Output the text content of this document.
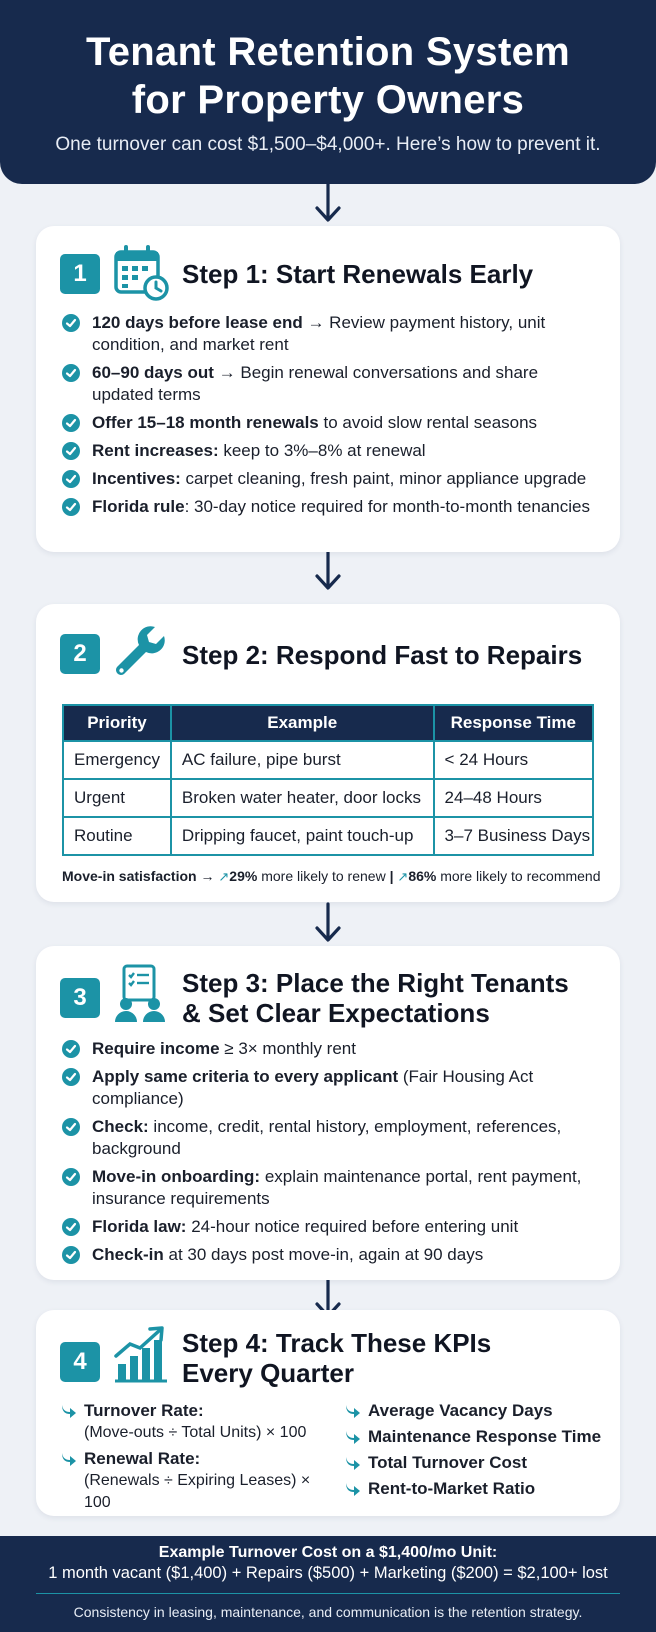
Tenant Retention System
for Property Owners
One turnover can cost $1,500–$4,000+. Here’s how to prevent it.
1	Step 1: Start Renewals Early
120 days before lease end → Review payment history, unit condition, and market rent
60–90 days out → Begin renewal conversations and share updated terms
Offer 15–18 month renewals to avoid slow rental seasons
Rent increases: keep to 3%–8% at renewal
Incentives: carpet cleaning, fresh paint, minor appliance upgrade
Florida rule: 30-day notice required for month-to-month tenancies
2	Step 2: Respond Fast to Repairs
Priority	Example	Response Time
Emergency	AC failure, pipe burst	< 24 Hours
Urgent	Broken water heater, door locks	24–48 Hours
Routine	Dripping faucet, paint touch-up	3–7 Business Days
Move-in satisfaction → ↗29% more likely to renew | ↗86% more likely to recommend
3	Step 3: Place the Right Tenants
& Set Clear Expectations
Require income ≥ 3× monthly rent
Apply same criteria to every applicant (Fair Housing Act compliance)
Check: income, credit, rental history, employment, references, background
Move-in onboarding: explain maintenance portal, rent payment, insurance requirements
Florida law: 24-hour notice required before entering unit
Check-in at 30 days post move-in, again at 90 days
4
Step 4: Track These KPIs
Every Quarter
Turnover Rate:
(Move-outs ÷ Total Units) × 100
Renewal Rate:
(Renewals ÷ Expiring Leases) × 100
Average Vacancy Days
Maintenance Response Time
Total Turnover Cost
Rent-to-Market Ratio
Example Turnover Cost on a $1,400/mo Unit:
1 month vacant ($1,400) + Repairs ($500) + Marketing ($200) = $2,100+ lost
Consistency in leasing, maintenance, and communication is the retention strategy.
